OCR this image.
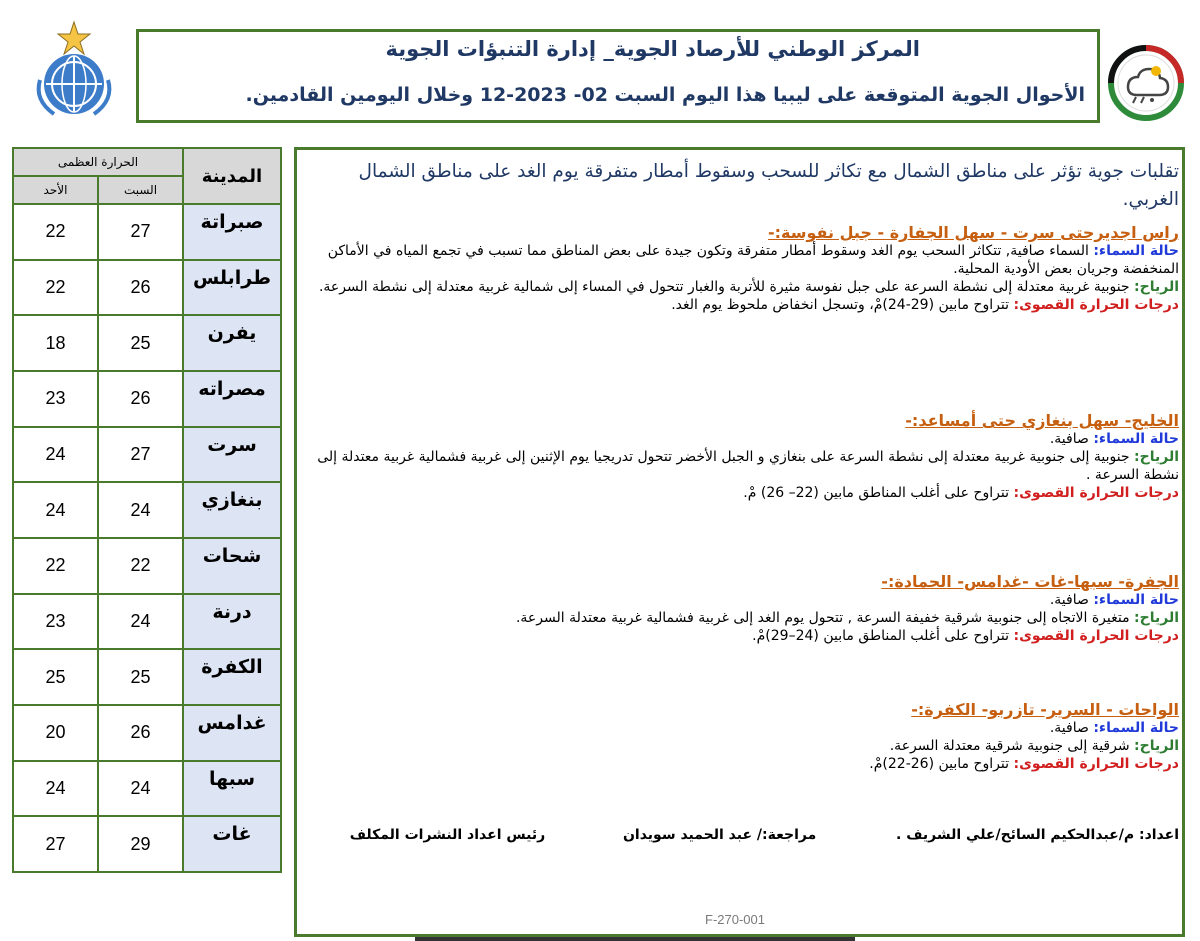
المركز الوطني للأرصاد الجوية_ إدارة التنبؤات الجوية
الأحوال الجوية المتوقعة على ليبيا هذا اليوم السبت 02- 2023-12 وخلال اليومين القادمين.
الحرارة العظمى		المدينة
الأحد	السبت	
22	27	صبراتة
22	26	طرابلس
18	25	يفرن
23	26	مصراته
24	27	سرت
24	24	بنغازي
22	22	شحات
23	24	درنة
25	25	الكفرة
20	26	غدامس
24	24	سبها
27	29	غات
تقلبات جوية تؤثر على مناطق الشمال مع تكاثر للسحب وسقوط أمطار متفرقة يوم الغد على مناطق الشمال الغربي.
راس اجديرحتى سرت - سهل الجفارة - جبل نفوسة:-
حالة السماء: السماء صافية, تتكاثر السحب يوم الغد وسقوط أمطار متفرقة وتكون جيدة على بعض المناطق مما تسبب في تجمع المياه في الأماكن المنخفضة وجريان بعض الأودية المحلية.
الرياح: جنوبية غربية معتدلة إلى نشطة السرعة على جبل نفوسة مثيرة للأتربة والغبار تتحول في المساء إلى شمالية غربية معتدلة إلى نشطة السرعة.
درجات الحرارة القصوى: تتراوح مابين (29-24)مْ، وتسجل انخفاض ملحوظ يوم الغد.
الخليج- سهل بنغازي حتى أمساعد:-
حالة السماء: صافية.
الرياح: جنوبية إلى جنوبية غربية معتدلة إلى نشطة السرعة على بنغازي و الجبل الأخضر تتحول تدريجيا يوم الإثنين إلى غربية فشمالية غربية معتدلة إلى نشطة السرعة .
درجات الحرارة القصوى: تتراوح على أغلب المناطق مابين (22– 26) مْ.
الجفرة- سبها-غات -غدامس- الحمادة:-
حالة السماء: صافية.
الرياح: متغيرة الاتجاه إلى جنوبية شرقية خفيفة السرعة , تتحول يوم الغد إلى غربية فشمالية غربية معتدلة السرعة.
درجات الحرارة القصوى: تتراوح على أغلب المناطق مابين (24–29)مْ.
الواحات - السرير- تازربو- الكفرة:-
حالة السماء: صافية.
الرياح: شرقية إلى جنوبية شرقية معتدلة السرعة.
درجات الحرارة القصوى: تتراوح مابين (26-22)مْ.
اعداد: م/عبدالحكيم السائح/علي الشريف .  مراجعة:/ عبد الحميد سويدان  رئيس اعداد النشرات المكلف
F-270-001
